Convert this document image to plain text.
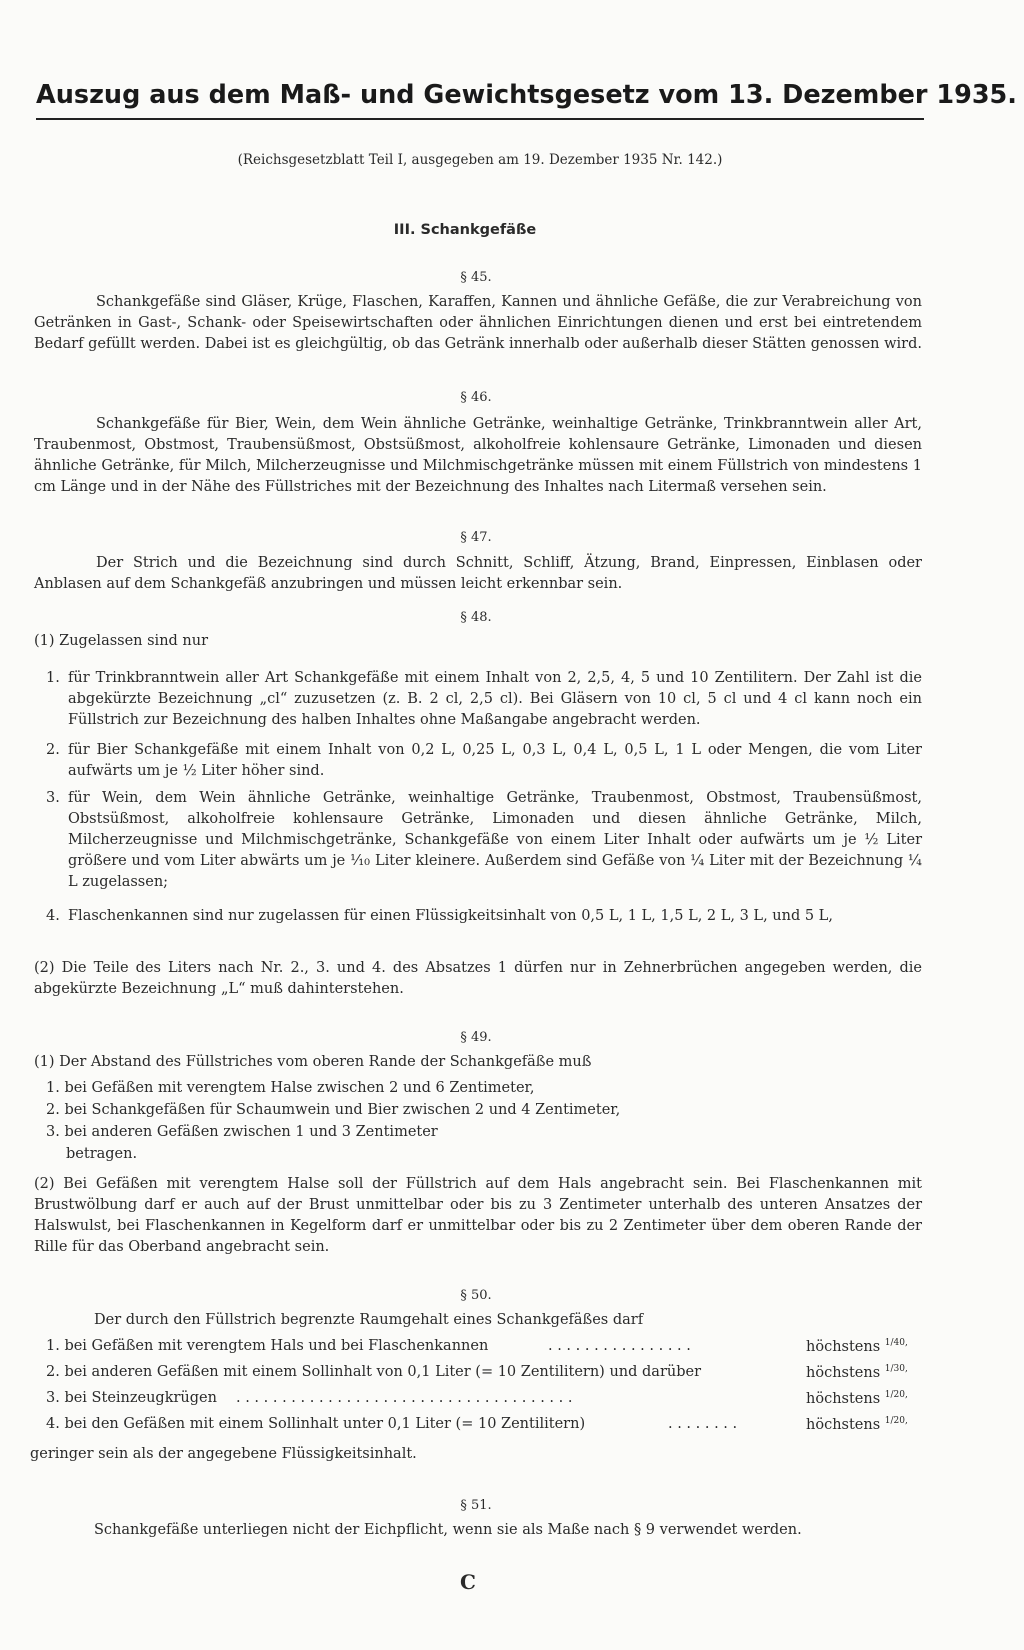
Auszug aus dem Maß- und Gewichtsgesetz vom 13. Dezember 1935.
(Reichsgesetzblatt Teil I, ausgegeben am 19. Dezember 1935 Nr. 142.)
III. Schankgefäße
§ 45.

Schankgefäße sind Gläser, Krüge, Flaschen, Karaffen, Kannen und ähnliche Gefäße, die zur Verabreichung von Getränken in Gast-, Schank- oder Speisewirtschaften oder ähnlichen Einrichtungen dienen und erst bei eintretendem Bedarf gefüllt werden. Dabei ist es gleichgültig, ob das Getränk innerhalb oder außerhalb dieser Stätten genossen wird.

§ 46.

Schankgefäße für Bier, Wein, dem Wein ähnliche Getränke, weinhaltige Getränke, Trinkbranntwein aller Art, Traubenmost, Obstmost, Traubensüßmost, Obstsüßmost, alkoholfreie kohlensaure Getränke, Limonaden und diesen ähnliche Getränke, für Milch, Milcherzeugnisse und Milchmischgetränke müssen mit einem Füllstrich von mindestens 1 cm Länge und in der Nähe des Füllstriches mit der Bezeichnung des Inhaltes nach Litermaß versehen sein.

§ 47.

Der Strich und die Bezeichnung sind durch Schnitt, Schliff, Ätzung, Brand, Einpressen, Einblasen oder Anblasen auf dem Schankgefäß anzubringen und müssen leicht erkennbar sein.

§ 48.
(1) Zugelassen sind nur
1. für Trinkbranntwein aller Art Schankgefäße mit einem Inhalt von 2, 2,5, 4, 5 und 10 Zentilitern. Der Zahl ist die abgekürzte Bezeichnung „cl“ zuzusetzen (z. B. 2 cl, 2,5 cl). Bei Gläsern von 10 cl, 5 cl und 4 cl kann noch ein Füllstrich zur Bezeichnung des halben Inhaltes ohne Maßangabe angebracht werden.
2. für Bier Schankgefäße mit einem Inhalt von 0,2 L, 0,25 L, 0,3 L, 0,4 L, 0,5 L, 1 L oder Mengen, die vom Liter aufwärts um je ½ Liter höher sind.
3. für Wein, dem Wein ähnliche Getränke, weinhaltige Getränke, Traubenmost, Obstmost, Traubensüßmost, Obstsüßmost, alkoholfreie kohlensaure Getränke, Limonaden und diesen ähnliche Getränke, Milch, Milcherzeugnisse und Milchmischgetränke, Schankgefäße von einem Liter Inhalt oder aufwärts um je ½ Liter größere und vom Liter abwärts um je ⅒ Liter kleinere. Außerdem sind Gefäße von ¼ Liter mit der Bezeichnung ¼ L zugelassen;
4. Flaschenkannen sind nur zugelassen für einen Flüssigkeitsinhalt von 0,5 L, 1 L, 1,5 L, 2 L, 3 L, und 5 L,

(2) Die Teile des Liters nach Nr. 2., 3. und 4. des Absatzes 1 dürfen nur in Zehnerbrüchen angegeben werden, die abgekürzte Bezeichnung „L“ muß dahinterstehen.

§ 49.
(1) Der Abstand des Füllstriches vom oberen Rande der Schankgefäße muß
1. bei Gefäßen mit verengtem Halse zwischen 2 und 6 Zentimeter,
2. bei Schankgefäßen für Schaumwein und Bier zwischen 2 und 4 Zentimeter,
3. bei anderen Gefäßen zwischen 1 und 3 Zentimeter
betragen.

(2) Bei Gefäßen mit verengtem Halse soll der Füllstrich auf dem Hals angebracht sein. Bei Flaschenkannen mit Brustwölbung darf er auch auf der Brust unmittelbar oder bis zu 3 Zentimeter unterhalb des unteren Ansatzes der Halswulst, bei Flaschenkannen in Kegelform darf er unmittelbar oder bis zu 2 Zentimeter über dem oberen Rande der Rille für das Oberband angebracht sein.

§ 50.
Der durch den Füllstrich begrenzte Raumgehalt eines Schankgefäßes darf
1. bei Gefäßen mit verengtem Hals und bei Flaschenkannen	. . . . . . . . . . . . . . . .	höchstens $^{1/40,}$
2. bei anderen Gefäßen mit einem Sollinhalt von 0,1 Liter (= 10 Zentilitern) und darüber	höchstens $^{1/30,}$
3. bei Steinzeugkrügen . . . . . . . . . . . . . . . . . . . . . . . . . . . . . . . . . . . . .	höchstens $^{1/20,}$
4. bei den Gefäßen mit einem Sollinhalt unter 0,1 Liter (= 10 Zentilitern)	. . . . . . . .	höchstens $^{1/20,}$
geringer sein als der angegebene Flüssigkeitsinhalt.
§ 51.
Schankgefäße unterliegen nicht der Eichpflicht, wenn sie als Maße nach § 9 verwendet werden.
C
